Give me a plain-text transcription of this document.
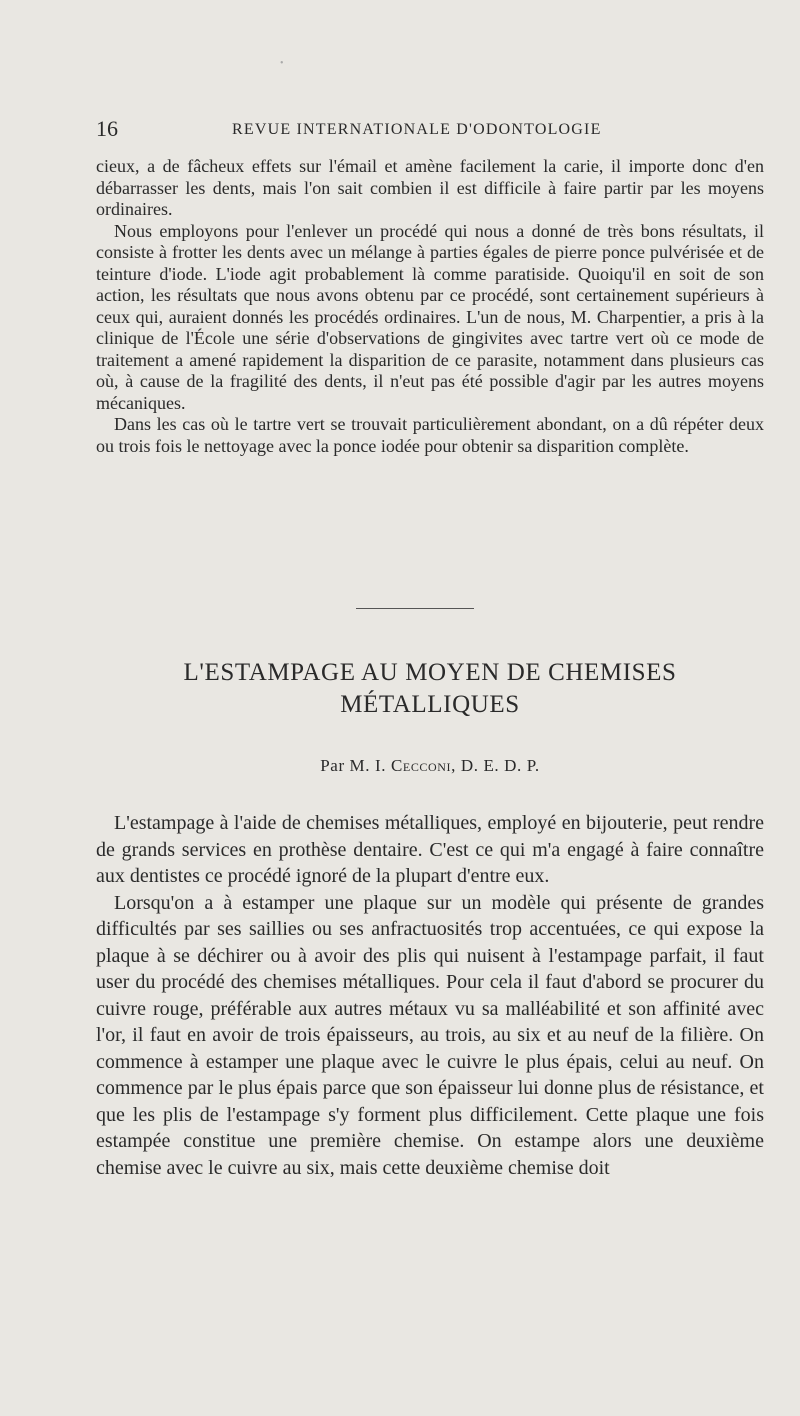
•
16	REVUE INTERNATIONALE D'ODONTOLOGIE

cieux, a de fâcheux effets sur l'émail et amène facilement la carie, il importe donc d'en débarrasser les dents, mais l'on sait combien il est difficile à faire partir par les moyens ordinaires.

Nous employons pour l'enlever un procédé qui nous a donné de très bons résultats, il consiste à frotter les dents avec un mélange à parties égales de pierre ponce pulvérisée et de teinture d'iode. L'iode agit probablement là comme paratiside. Quoiqu'il en soit de son action, les résultats que nous avons obtenu par ce procédé, sont certainement supérieurs à ceux qui, auraient donnés les procédés ordinaires. L'un de nous, M. Charpentier, a pris à la clinique de l'École une série d'observations de gingivites avec tartre vert où ce mode de traitement a amené rapidement la disparition de ce parasite, notamment dans plusieurs cas où, à cause de la fragilité des dents, il n'eut pas été possible d'agir par les autres moyens mécaniques.

Dans les cas où le tartre vert se trouvait particulièrement abondant, on a dû répéter deux ou trois fois le nettoyage avec la ponce iodée pour obtenir sa disparition complète.

L'ESTAMPAGE AU MOYEN DE CHEMISES
MÉTALLIQUES
Par M. I. Cecconi, D. E. D. P.

L'estampage à l'aide de chemises métalliques, employé en bijouterie, peut rendre de grands services en prothèse dentaire. C'est ce qui m'a engagé à faire connaître aux dentistes ce procédé ignoré de la plupart d'entre eux.

Lorsqu'on a à estamper une plaque sur un modèle qui présente de grandes difficultés par ses saillies ou ses anfractuosités trop accentuées, ce qui expose la plaque à se déchirer ou à avoir des plis qui nuisent à l'estampage parfait, il faut user du procédé des chemises métalliques. Pour cela il faut d'abord se procurer du cuivre rouge, préférable aux autres métaux vu sa malléabilité et son affinité avec l'or, il faut en avoir de trois épaisseurs, au trois, au six et au neuf de la filière. On commence à estamper une plaque avec le cuivre le plus épais, celui au neuf. On commence par le plus épais parce que son épaisseur lui donne plus de résistance, et que les plis de l'estampage s'y forment plus difficilement. Cette plaque une fois estampée constitue une première chemise. On estampe alors une deuxième chemise avec le cuivre au six, mais cette deuxième chemise doit
